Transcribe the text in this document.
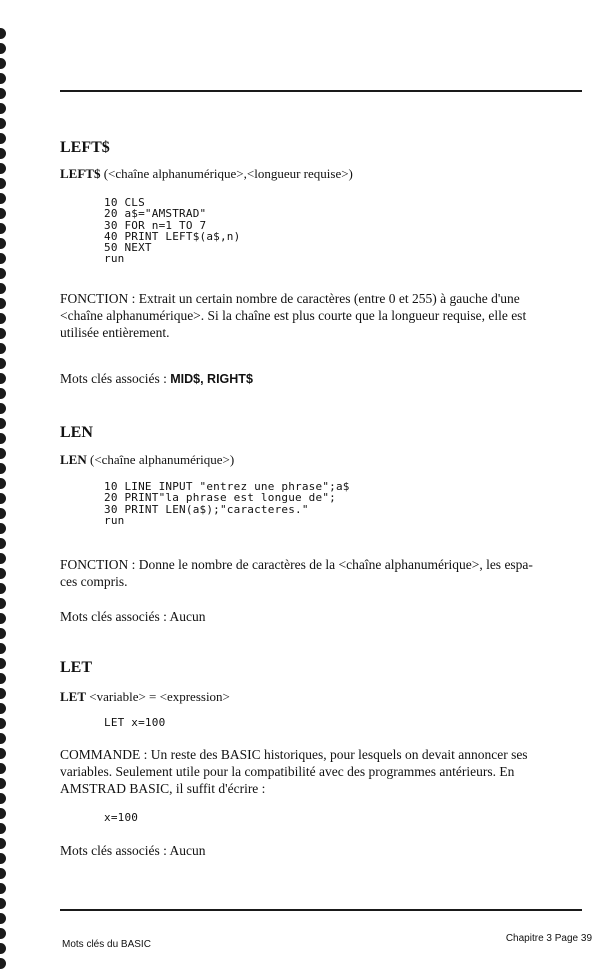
LEFT$
LEFT$ (<chaîne alphanumérique>,<longueur requise>)
10 CLS
20 a$="AMSTRAD"
30 FOR n=1 TO 7
40 PRINT LEFT$(a$,n)
50 NEXT
run
FONCTION : Extrait un certain nombre de caractères (entre 0 et 255) à gauche d'une
<chaîne alphanumérique>. Si la chaîne est plus courte que la longueur requise, elle est
utilisée entièrement.
Mots clés associés : MID$, RIGHT$
LEN
LEN (<chaîne alphanumérique>)
10 LINE INPUT "entrez une phrase";a$
20 PRINT"la phrase est longue de";
30 PRINT LEN(a$);"caracteres."
run
FONCTION : Donne le nombre de caractères de la <chaîne alphanumérique>, les espa-
ces compris.
Mots clés associés : Aucun
LET
LET <variable> = <expression>
LET x=100
COMMANDE : Un reste des BASIC historiques, pour lesquels on devait annoncer ses
variables. Seulement utile pour la compatibilité avec des programmes antérieurs. En
AMSTRAD BASIC, il suffit d'écrire :
x=100
Mots clés associés : Aucun
Mots clés du BASIC
Chapitre 3 Page 39
